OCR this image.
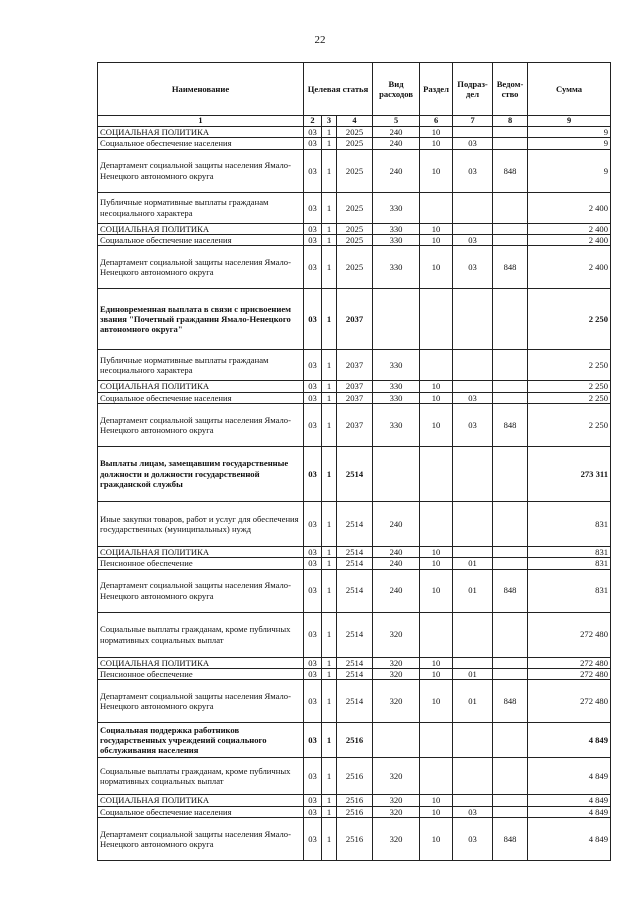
22
Наименование	Целевая статья			Вид расходов	Раздел	Подраз-дел	Ведом-ство	Сумма
1	2	3	4	5	6	7	8	9
СОЦИАЛЬНАЯ ПОЛИТИКА	03	1	2025	240	10			9
Социальное обеспечение населения	03	1	2025	240	10	03		9
Департамент социальной защиты населения Ямало-Ненецкого автономного округа	03	1	2025	240	10	03	848	9
Публичные нормативные выплаты гражданам несоциального характера	03	1	2025	330				2 400
СОЦИАЛЬНАЯ ПОЛИТИКА	03	1	2025	330	10			2 400
Социальное обеспечение населения	03	1	2025	330	10	03		2 400
Департамент социальной защиты населения Ямало-Ненецкого автономного округа	03	1	2025	330	10	03	848	2 400
Единовременная выплата в связи с присвоением звания "Почетный гражданин Ямало-Ненецкого автономного округа"	03	1	2037					2 250
Публичные нормативные выплаты гражданам несоциального характера	03	1	2037	330				2 250
СОЦИАЛЬНАЯ ПОЛИТИКА	03	1	2037	330	10			2 250
Социальное обеспечение населения	03	1	2037	330	10	03		2 250
Департамент социальной защиты населения Ямало-Ненецкого автономного округа	03	1	2037	330	10	03	848	2 250
Выплаты лицам, замещавшим государственные должности и должности государственной гражданской службы	03	1	2514					273 311
Иные закупки товаров, работ и услуг для обеспечения государственных (муниципальных) нужд	03	1	2514	240				831
СОЦИАЛЬНАЯ ПОЛИТИКА	03	1	2514	240	10			831
Пенсионное обеспечение	03	1	2514	240	10	01		831
Департамент социальной защиты населения Ямало-Ненецкого автономного округа	03	1	2514	240	10	01	848	831
Социальные выплаты гражданам, кроме публичных нормативных социальных выплат	03	1	2514	320				272 480
СОЦИАЛЬНАЯ ПОЛИТИКА	03	1	2514	320	10			272 480
Пенсионное обеспечение	03	1	2514	320	10	01		272 480
Департамент социальной защиты населения Ямало-Ненецкого автономного округа	03	1	2514	320	10	01	848	272 480
Социальная поддержка работников государственных учреждений социального обслуживания населения	03	1	2516					4 849
Социальные выплаты гражданам, кроме публичных нормативных социальных выплат	03	1	2516	320				4 849
СОЦИАЛЬНАЯ ПОЛИТИКА	03	1	2516	320	10			4 849
Социальное обеспечение населения	03	1	2516	320	10	03		4 849
Департамент социальной защиты населения Ямало-Ненецкого автономного округа	03	1	2516	320	10	03	848	4 849
